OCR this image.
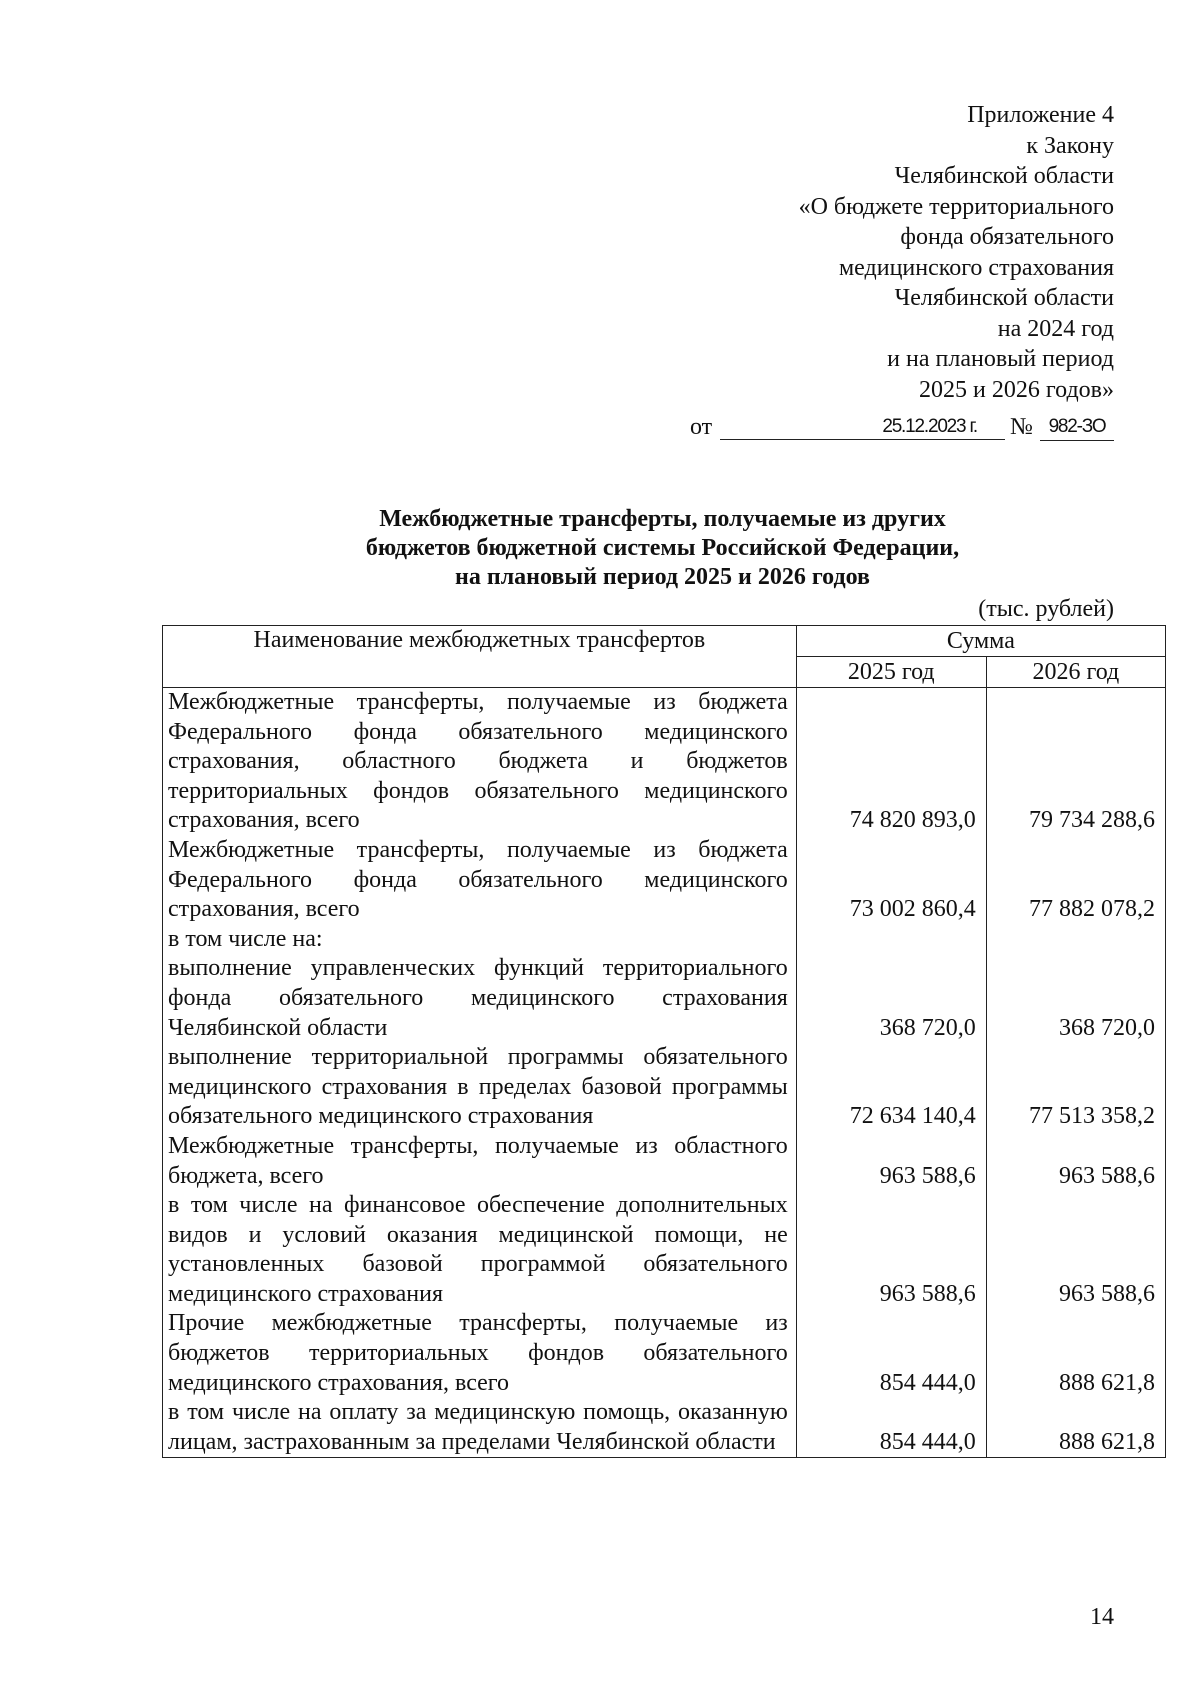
Приложение 4
к Закону
Челябинской области
«О бюджете территориального
фонда обязательного
медицинского страхования
Челябинской области
на 2024 год
и на плановый период
2025 и 2026 годов»
от	25.12.2023 г.	№ 982-ЗО
Межбюджетные трансферты, получаемые из других
бюджетов бюджетной системы Российской Федерации,
на плановый период 2025 и 2026 годов
(тыс. рублей)
Наименование межбюджетных трансфертов	Сумма	
	2025 год	2026 год
Межбюджетные трансферты, получаемые из бюджета Федерального фонда обязательного медицинского страхования, областного бюджета и бюджетов территориальных фондов обязательного медицинского страхования, всего	74 820 893,0	79 734 288,6
Межбюджетные трансферты, получаемые из бюджета Федерального фонда обязательного медицинского страхования, всего	73 002 860,4	77 882 078,2
в том числе на:		
выполнение управленческих функций территориального фонда обязательного медицинского страхования Челябинской области	368 720,0	368 720,0
выполнение территориальной программы обязательного медицинского страхования в пределах базовой программы обязательного медицинского страхования	72 634 140,4	77 513 358,2
Межбюджетные трансферты, получаемые из областного бюджета, всего	963 588,6	963 588,6
в том числе на финансовое обеспечение дополнительных видов и условий оказания медицинской помощи, не установленных базовой программой обязательного медицинского страхования	963 588,6	963 588,6
Прочие межбюджетные трансферты, получаемые из бюджетов территориальных фондов обязательного медицинского страхования, всего	854 444,0	888 621,8
в том числе на оплату за медицинскую помощь, оказанную лицам, застрахованным за пределами Челябинской области	854 444,0	888 621,8
14
